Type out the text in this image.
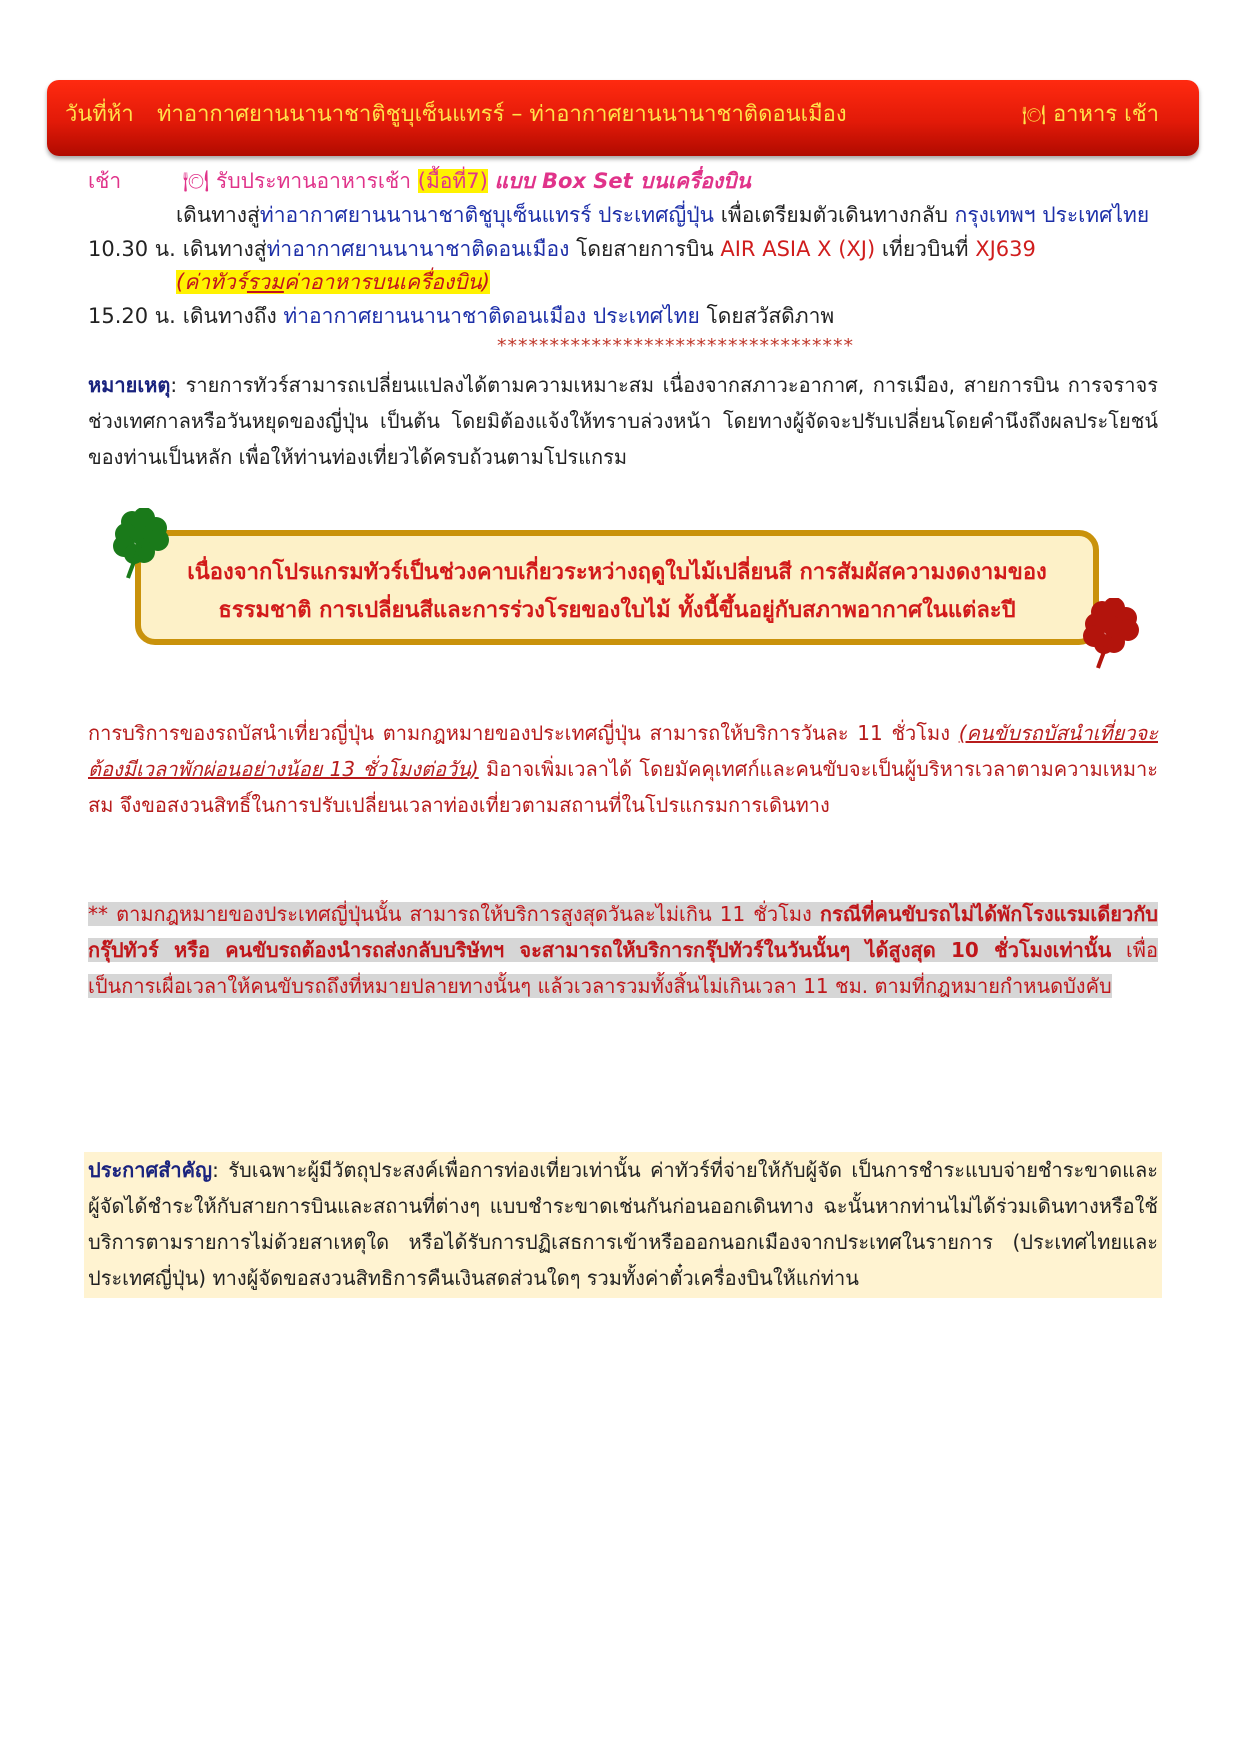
วันที่ห้า ท่าอากาศยานนานาชาติชูบุเซ็นแทรร์ – ท่าอากาศยานนานาชาติดอนเมือง	🍽 อาหาร เช้า
เช้า	🍽 รับประทานอาหารเช้า (มื้อที่7) แบบ Box Set บนเครื่องบิน
เดินทางสู่ท่าอากาศยานนานาชาติชูบุเซ็นแทรร์ ประเทศญี่ปุ่น เพื่อเตรียมตัวเดินทางกลับ กรุงเทพฯ ประเทศไทย
10.30 น. เดินทางสู่ท่าอากาศยานนานาชาติดอนเมือง โดยสายการบิน AIR ASIA X (XJ) เที่ยวบินที่ XJ639
(ค่าทัวร์รวมค่าอาหารบนเครื่องบิน)
15.20 น. เดินทางถึง ท่าอากาศยานนานาชาติดอนเมือง ประเทศไทย โดยสวัสดิภาพ
**********************************
หมายเหตุ: รายการทัวร์สามารถเปลี่ยนแปลงได้ตามความเหมาะสม เนื่องจากสภาวะอากาศ, การเมือง, สายการบิน การจราจรช่วงเทศกาลหรือวันหยุดของญี่ปุ่น เป็นต้น โดยมิต้องแจ้งให้ทราบล่วงหน้า โดยทางผู้จัดจะปรับเปลี่ยนโดยคำนึงถึงผลประโยชน์ของท่านเป็นหลัก เพื่อให้ท่านท่องเที่ยวได้ครบถ้วนตามโปรแกรม
เนื่องจากโปรแกรมทัวร์เป็นช่วงคาบเกี่ยวระหว่างฤดูใบไม้เปลี่ยนสี การสัมผัสความงดงามของ
ธรรมชาติ การเปลี่ยนสีและการร่วงโรยของใบไม้ ทั้งนี้ขึ้นอยู่กับสภาพอากาศในแต่ละปี
การบริการของรถบัสนำเที่ยวญี่ปุ่น ตามกฎหมายของประเทศญี่ปุ่น สามารถให้บริการวันละ 11 ชั่วโมง (คนขับรถบัสนำเที่ยวจะต้องมีเวลาพักผ่อนอย่างน้อย 13 ชั่วโมงต่อวัน) มิอาจเพิ่มเวลาได้ โดยมัคคุเทศก์และคนขับจะเป็นผู้บริหารเวลาตามความเหมาะสม จึงขอสงวนสิทธิ์ในการปรับเปลี่ยนเวลาท่องเที่ยวตามสถานที่ในโปรแกรมการเดินทาง
** ตามกฎหมายของประเทศญี่ปุ่นนั้น สามารถให้บริการสูงสุดวันละไม่เกิน 11 ชั่วโมง กรณีที่คนขับรถไม่ได้พักโรงแรมเดียวกับกรุ๊ปทัวร์ หรือ คนขับรถต้องนำรถส่งกลับบริษัทฯ จะสามารถให้บริการกรุ๊ปทัวร์ในวันนั้นๆ ได้สูงสุด 10 ชั่วโมงเท่านั้น เพื่อเป็นการเผื่อเวลาให้คนขับรถถึงที่หมายปลายทางนั้นๆ แล้วเวลารวมทั้งสิ้นไม่เกินเวลา 11 ชม. ตามที่กฎหมายกำหนดบังคับ
ประกาศสำคัญ: รับเฉพาะผู้มีวัตถุประสงค์เพื่อการท่องเที่ยวเท่านั้น ค่าทัวร์ที่จ่ายให้กับผู้จัด เป็นการชำระแบบจ่ายชำระขาดและผู้จัดได้ชำระให้กับสายการบินและสถานที่ต่างๆ แบบชำระขาดเช่นกันก่อนออกเดินทาง ฉะนั้นหากท่านไม่ได้ร่วมเดินทางหรือใช้บริการตามรายการไม่ด้วยสาเหตุใด หรือได้รับการปฏิเสธการเข้าหรือออกนอกเมืองจากประเทศในรายการ (ประเทศไทยและประเทศญี่ปุ่น) ทางผู้จัดขอสงวนสิทธิการคืนเงินสดส่วนใดๆ รวมทั้งค่าตั๋วเครื่องบินให้แก่ท่าน
